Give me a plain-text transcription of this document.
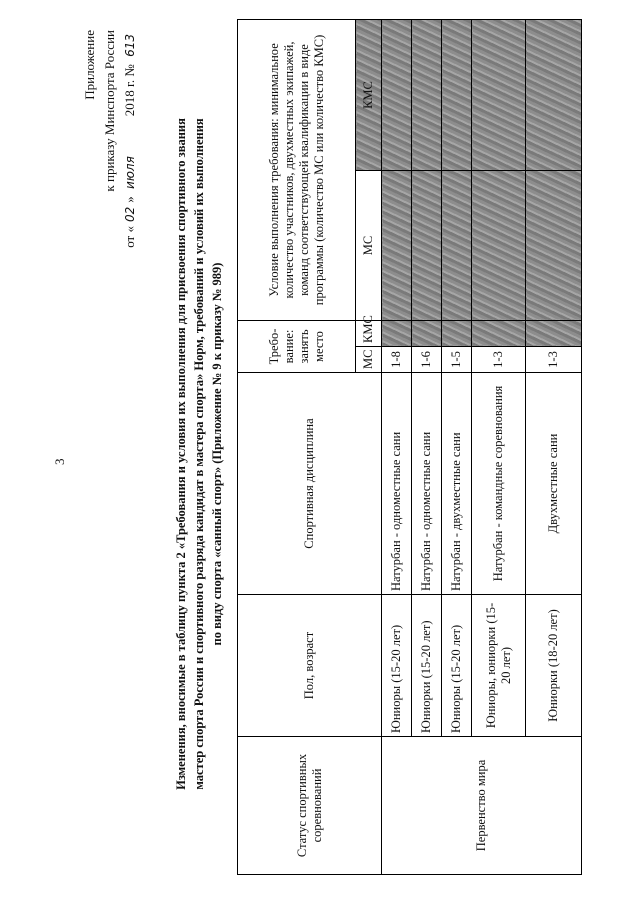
3
Приложение к приказу Минспорта России
от «02» июля2018 г. № 613
Изменения, вносимые в таблицу пункта 2 «Требования и условия их выполнения для присвоения спортивного звания мастер спорта России и спортивного разряда кандидат в мастера спорта» Норм, требований и условий их выполнения по виду спорта «санный спорт» (Приложение № 9 к приказу № 989)
Статус спортивных соревнований	Пол, возраст	Спортивная дисциплина	Требо-вание: занять место		Условие выполнения требования: минимальное количество участников, двухместных экипажей, команд соответствующей квалификации в виде программы (количество МС или количество КМС)	
			МС	КМС	МС	КМС
Первенство мира	Юниоры (15-20 лет)	Натурбан - одноместные сани	1-8			
	Юниорки (15-20 лет)	Натурбан - одноместные сани	1-6			
	Юниоры (15-20 лет)	Натурбан - двухместные сани	1-5			
	Юниоры, юниорки (15-20 лет)	Натурбан - командные соревнования	1-3			
	Юниорки (18-20 лет)	Двухместные сани	1-3			
